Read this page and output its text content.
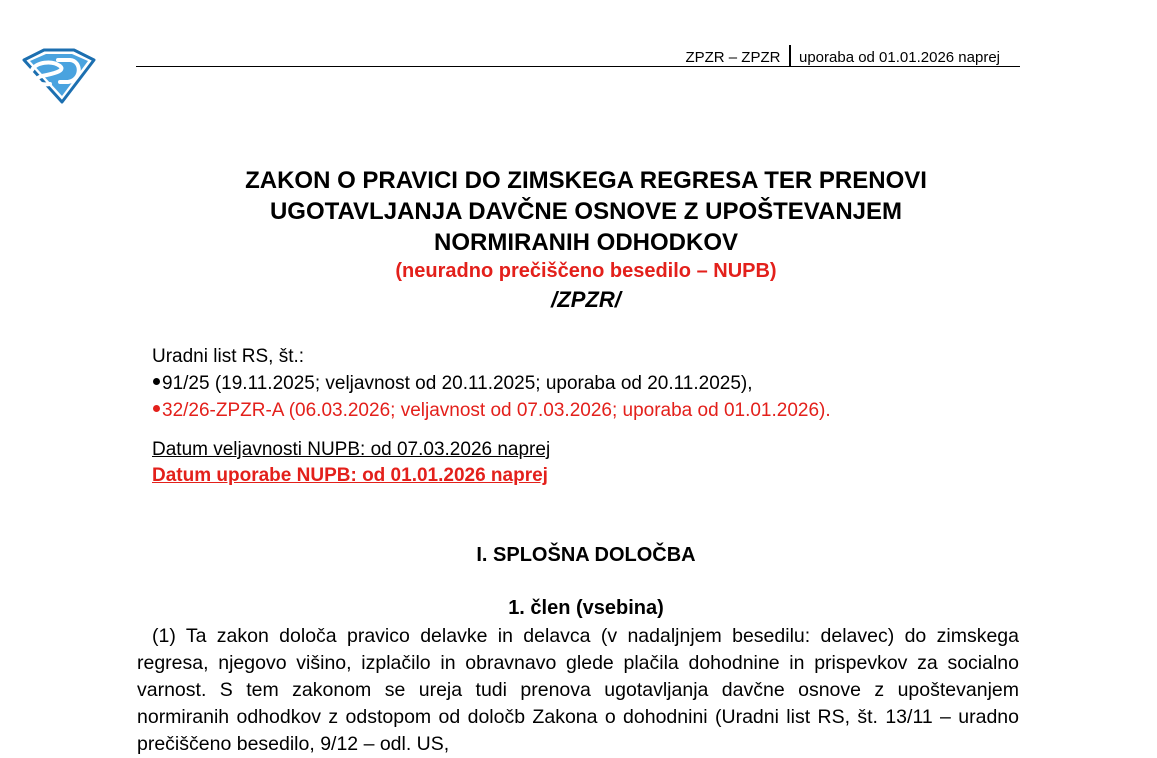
ZPZR – ZPZR uporaba od 01.01.2026 naprej
ZAKON O PRAVICI DO ZIMSKEGA REGRESA TER PRENOVI
UGOTAVLJANJA DAVČNE OSNOVE Z UPOŠTEVANJEM
NORMIRANIH ODHODKOV
(neuradno prečiščeno besedilo – NUPB)
/ZPZR/
Uradni list RS, št.:
91/25 (19.11.2025; veljavnost od 20.11.2025; uporaba od 20.11.2025),
32/26-ZPZR-A (06.03.2026; veljavnost od 07.03.2026; uporaba od 01.01.2026).
Datum veljavnosti NUPB: od 07.03.2026 naprej
Datum uporabe NUPB: od 01.01.2026 naprej
I. SPLOŠNA DOLOČBA
1. člen (vsebina)

(1) Ta zakon določa pravico delavke in delavca (v nadaljnjem besedilu: delavec) do zimskega regresa, njegovo višino, izplačilo in obravnavo glede plačila dohodnine in prispevkov za socialno varnost. S tem zakonom se ureja tudi prenova ugotavljanja davčne osnove z upoštevanjem normiranih odhodkov z odstopom od določb Zakona o dohodnini (Uradni list RS, št. 13/11 – uradno prečiščeno besedilo, 9/12 – odl. US,
